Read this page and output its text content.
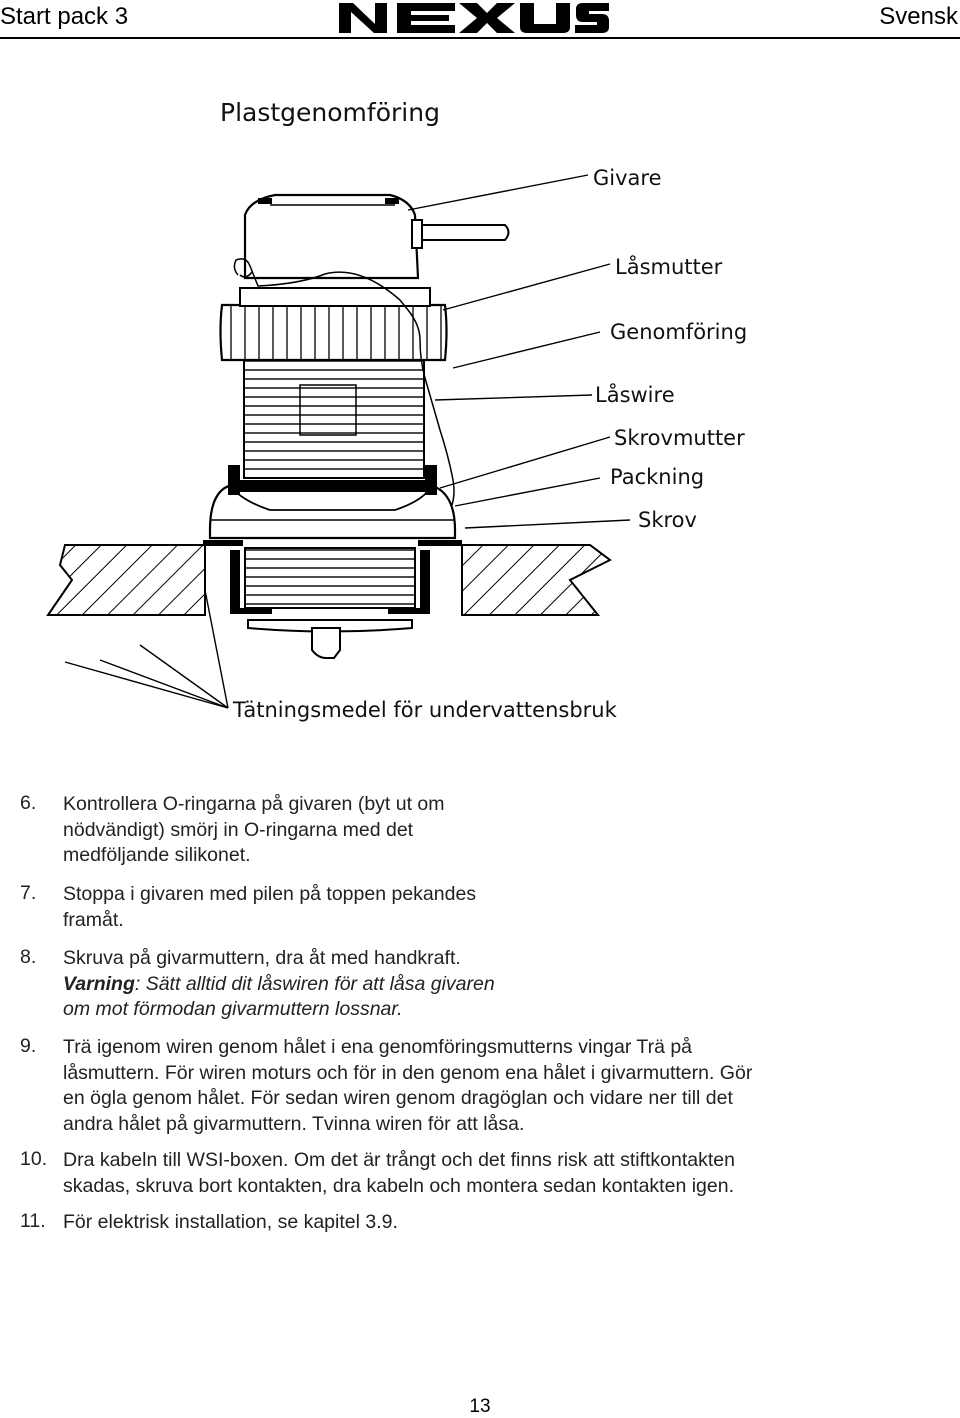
Start pack 3	Svensk
Plastgenomföring
Givare
Låsmutter
Genomföring
Låswire
Skrovmutter
Packning
Skrov
Tätningsmedel för undervattensbruk
6. Kontrollera O-ringarna på givaren (byt ut om
nödvändigt) smörj in O-ringarna med det
medföljande silikonet.
7. Stoppa i givaren med pilen på toppen pekandes
framåt.
8. Skruva på givarmuttern, dra åt med handkraft.
Varning: Sätt alltid dit låswiren för att låsa givaren
om mot förmodan givarmuttern lossnar.
9. Trä igenom wiren genom hålet i ena genomföringsmutterns vingar Trä på
låsmuttern. För wiren moturs och för in den genom ena hålet i givarmuttern. Gör
en ögla genom hålet. För sedan wiren genom dragöglan och vidare ner till det
andra hålet på givarmuttern. Tvinna wiren för att låsa.
10. Dra kabeln till WSI-boxen. Om det är trångt och det finns risk att stiftkontakten
skadas, skruva bort kontakten, dra kabeln och montera sedan kontakten igen.
11. För elektrisk installation, se kapitel 3.9.
13
